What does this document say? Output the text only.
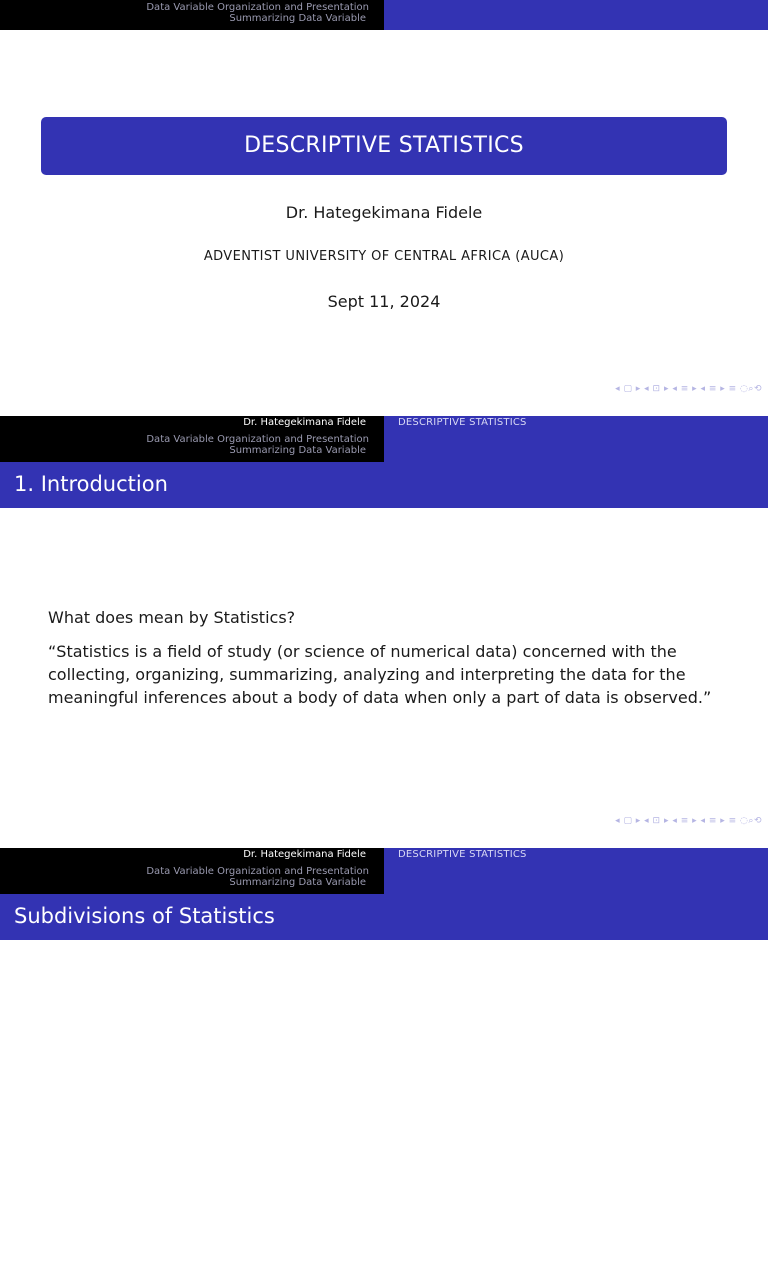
Data Variable Organization and Presentation
Summarizing Data Variable
DESCRIPTIVE STATISTICS
Dr. Hategekimana Fidele
ADVENTIST UNIVERSITY OF CENTRAL AFRICA (AUCA)
Sept 11, 2024
◂ ▢ ▸ ◂ ⊡ ▸ ◂ ≡ ▸ ◂ ≡ ▸ ≡ ◌⌕⟲
Dr. Hategekimana Fidele
Data Variable Organization and Presentation
Summarizing Data Variable
DESCRIPTIVE STATISTICS
1. Introduction
What does mean by Statistics?
“Statistics is a field of study (or science of numerical data) concerned with the collecting, organizing, summarizing, analyzing and interpreting the data for the meaningful inferences about a body of data when only a part of data is observed.”
◂ ▢ ▸ ◂ ⊡ ▸ ◂ ≡ ▸ ◂ ≡ ▸ ≡ ◌⌕⟲
Dr. Hategekimana Fidele
Data Variable Organization and Presentation
Summarizing Data Variable
DESCRIPTIVE STATISTICS
Subdivisions of Statistics
